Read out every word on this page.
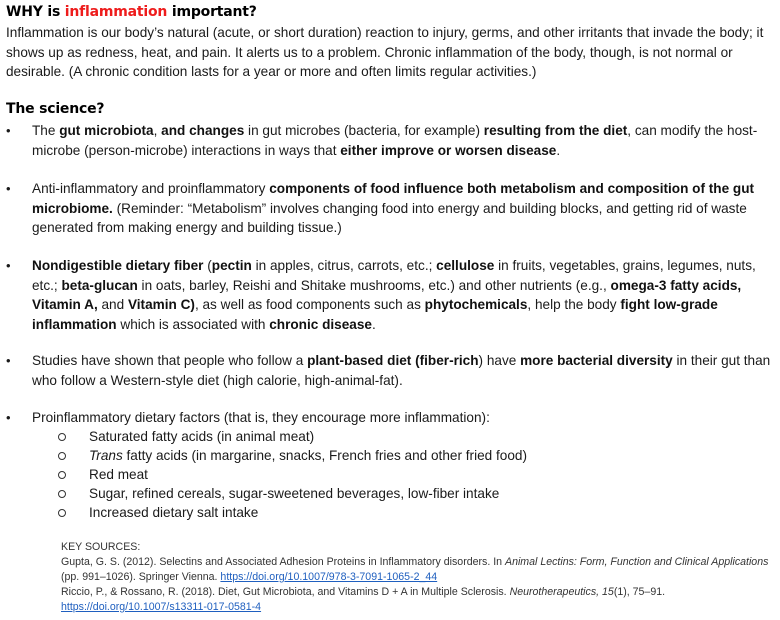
WHY is inflammation important?
Inflammation is our body’s natural (acute, or short duration) reaction to injury, germs, and other irritants that invade the body; it shows up as redness, heat, and pain. It alerts us to a problem. Chronic inflammation of the body, though, is not normal or desirable. (A chronic condition lasts for a year or more and often limits regular activities.)
The science?
•	The gut microbiota, and changes in gut microbes (bacteria, for example) resulting from the diet, can modify the host-microbe (person-microbe) interactions in ways that either improve or worsen disease.
•	Anti-inflammatory and proinflammatory components of food influence both metabolism and composition of the gut microbiome. (Reminder: “Metabolism” involves changing food into energy and building blocks, and getting rid of waste generated from making energy and building tissue.)
•	Nondigestible dietary fiber (pectin in apples, citrus, carrots, etc.; cellulose in fruits, vegetables, grains, legumes, nuts, etc.; beta-glucan in oats, barley, Reishi and Shitake mushrooms, etc.) and other nutrients (e.g., omega-3 fatty acids, Vitamin A, and Vitamin C), as well as food components such as phytochemicals, help the body fight low-grade inflammation which is associated with chronic disease.
•	Studies have shown that people who follow a plant-based diet (fiber-rich) have more bacterial diversity in their gut than who follow a Western-style diet (high calorie, high-animal-fat).
•	Proinflammatory dietary factors (that is, they encourage more inflammation):
Saturated fatty acids (in animal meat)
Trans fatty acids (in margarine, snacks, French fries and other fried food)
Red meat
Sugar, refined cereals, sugar-sweetened beverages, low-fiber intake
Increased dietary salt intake
KEY SOURCES:
Gupta, G. S. (2012). Selectins and Associated Adhesion Proteins in Inflammatory disorders. In Animal Lectins: Form, Function and Clinical Applications (pp. 991–1026). Springer Vienna. https://doi.org/10.1007/978-3-7091-1065-2_44
Riccio, P., & Rossano, R. (2018). Diet, Gut Microbiota, and Vitamins D + A in Multiple Sclerosis. Neurotherapeutics, 15(1), 75–91. https://doi.org/10.1007/s13311-017-0581-4
